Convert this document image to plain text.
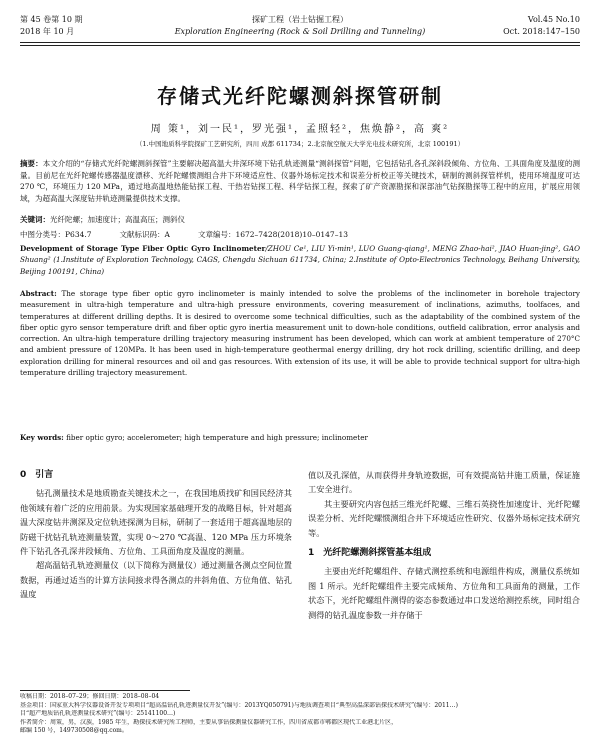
第 45 卷第 10 期
2018 年 10 月
探矿工程（岩土钻掘工程）
Exploration Engineering (Rock & Soil Drilling and Tunneling)
Vol.45 No.10
Oct. 2018:147–150
存储式光纤陀螺测斜探管研制
周 策¹，刘一民¹，罗光强¹，孟照轻²，焦焕静²，高 爽²
（1.中国地质科学院探矿工艺研究所，四川 成都 611734；2.北京航空航天大学光电技术研究所，北京 100191）
摘要：本文介绍的“存储式光纤陀螺测斜探管”主要解决超高温大井深环境下钻孔轨迹测量“测斜探管”问题，它包括钻孔各孔深斜段倾角、方位角、工具面角度及温度的测量。目前尼在光纤陀螺传感器温度漂移、光纤陀螺惯测组合井下环境适应性、仪器外场标定技术和误差分析校正等关键技术，研制的测斜探管样机，使用环境温度可达 270 ℃，环境压力 120 MPa，通过地高温地热能钻探工程、干热岩钻探工程、科学钻探工程，探索了矿产资源勘探和深部油气钻探勘探等工程中的应用，扩展应用领域，为超高温大深度钻井轨迹测量提供技术支撑。
关键词：光纤陀螺；加速度计；高温高压；测斜仪
中图分类号：P634.7	文献标识码：A	文章编号：1672–7428(2018)10–0147–13
Development of Storage Type Fiber Optic Gyro Inclinometer/ZHOU Ce¹, LIU Yi-min¹, LUO Guang-qiang¹, MENG Zhao-hai², JIAO Huan-jing², GAO Shuang² (1.Institute of Exploration Technology, CAGS, Chengdu Sichuan 611734, China; 2.Institute of Opto-Electronics Technology, Beihang University, Beijing 100191, China)
Abstract: The storage type fiber optic gyro inclinometer is mainly intended to solve the problems of the inclinometer in borehole trajectory measurement in ultra-high temperature and ultra-high pressure environments, covering measurement of inclinations, azimuths, toolfaces, and temperatures at different drilling depths. It is desired to overcome some technical difficulties, such as the adaptability of the combined system of the fiber optic gyro sensor temperature drift and fiber optic gyro inertia measurement unit to down-hole conditions, outfield calibration, error analysis and correction. An ultra-high temperature drilling trajectory measuring instrument has been developed, which can work at ambient temperature of 270°C and ambient pressure of 120MPa. It has been used in high-temperature geothermal energy drilling, dry hot rock drilling, scientific drilling, and deep exploration drilling for mineral resources and oil and gas resources. With extension of its use, it will be able to provide technical support for ultra-high temperature drilling trajectory measurement.
Key words: fiber optic gyro; accelerometer; high temperature and high pressure; inclinometer
0　引言

钻孔测量技术是地质勘查关键技术之一，在我国地质找矿和国民经济其他领域有着广泛的应用前景。为实现国家基础理开发的战略目标，针对超高温大深度钻井测深及定位轨迹探测为目标，研制了一套适用于超高温地层的防磁干扰钻孔轨迹测量装置，实现 0～270 ℃高温、120 MPa 压力环境条件下钻孔各孔深井段倾角、方位角、工具面角度及温度的测量。

超高温钻孔轨迹测量仪（以下简称为测量仪）通过测量各测点空间位置数据，再通过适当的计算方法间接求得各测点的井斜角值、方位角值、钻孔温度

值以及孔深值，从而获得井身轨迹数据，可有效提高钻井施工质量，保证施工安全进行。

其主要研究内容包括三维光纤陀螺、三维石英挠性加速度计、光纤陀螺误差分析、光纤陀螺惯测组合井下环境适应性研究、仪器外场标定技术研究等。

1　光纤陀螺测斜探管基本组成

主要由光纤陀螺组件、存储式测控系统和电源组件构成，测量仪系统如图 1 所示。光纤陀螺组件主要完成倾角、方位角和工具面角的测量，工作状态下，光纤陀螺组件测得的姿态参数通过串口发送给测控系统，同时组合测得的钻孔温度参数一并存储于

收稿日期：2018–07–29；修回日期：2018–08–04
基金项目：国家重大科学仪器设备开发专项项目“超高温钻孔轨迹测量仪开发”(编号：2013YQ050791)与地质调查项目“典型高温深部钻探技术研究”(编号：2011…)
目“超产地质钻孔轨迹测量技术研究”(编号：25141100…)
作者简介：周策，男，汉族，1985 年生，勘探技术研究所工程师，主要从事钻探测量仪器研究工作，四川省成都市郫都区现代工业港北片区，
邮编 150 号，149730508@qq.com。
